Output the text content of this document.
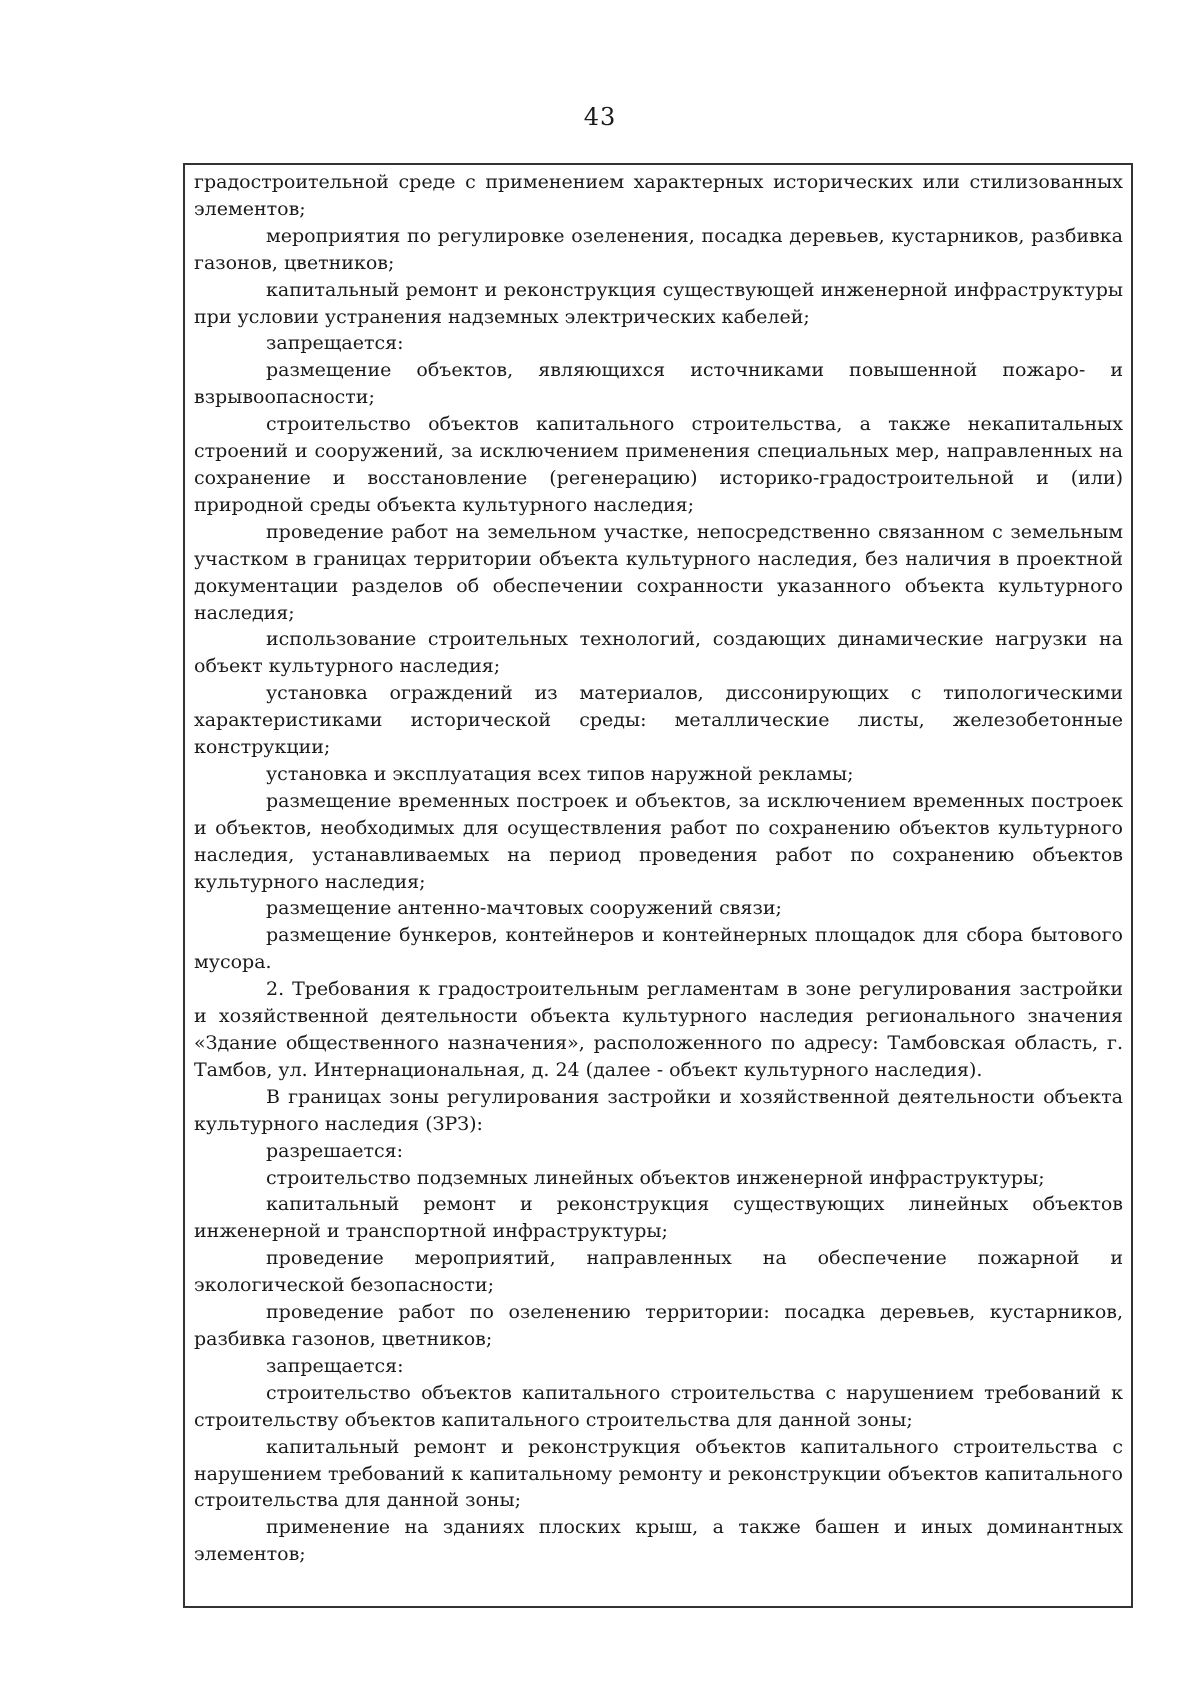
43

градостроительной среде с применением характерных исторических или стилизованных элементов;

мероприятия по регулировке озеленения, посадка деревьев, кустарников, разбивка газонов, цветников;

капитальный ремонт и реконструкция существующей инженерной инфраструктуры при условии устранения надземных электрических кабелей;

запрещается:

размещение объектов, являющихся источниками повышенной пожаро- и взрывоопасности;

строительство объектов капитального строительства, а также некапитальных строений и сооружений, за исключением применения специальных мер, направленных на сохранение и восстановление (регенерацию) историко-градостроительной и (или) природной среды объекта культурного наследия;

проведение работ на земельном участке, непосредственно связанном с земельным участком в границах территории объекта культурного наследия, без наличия в проектной документации разделов об обеспечении сохранности указанного объекта культурного наследия;

использование строительных технологий, создающих динамические нагрузки на объект культурного наследия;

установка ограждений из материалов, диссонирующих с типологическими характеристиками исторической среды: металлические листы, железобетонные конструкции;

установка и эксплуатация всех типов наружной рекламы;

размещение временных построек и объектов, за исключением временных построек и объектов, необходимых для осуществления работ по сохранению объектов культурного наследия, устанавливаемых на период проведения работ по сохранению объектов культурного наследия;

размещение антенно-мачтовых сооружений связи;

размещение бункеров, контейнеров и контейнерных площадок для сбора бытового мусора.

2. Требования к градостроительным регламентам в зоне регулирования застройки и хозяйственной деятельности объекта культурного наследия регионального значения «Здание общественного назначения», расположенного по адресу: Тамбовская область, г. Тамбов, ул. Интернациональная, д. 24 (далее - объект культурного наследия).

В границах зоны регулирования застройки и хозяйственной деятельности объекта культурного наследия (ЗРЗ):

разрешается:

строительство подземных линейных объектов инженерной инфраструктуры;

капитальный ремонт и реконструкция существующих линейных объектов инженерной и транспортной инфраструктуры;

проведение мероприятий, направленных на обеспечение пожарной и экологической безопасности;

проведение работ по озеленению территории: посадка деревьев, кустарников, разбивка газонов, цветников;

запрещается:

строительство объектов капитального строительства с нарушением требований к строительству объектов капитального строительства для данной зоны;

капитальный ремонт и реконструкция объектов капитального строительства с нарушением требований к капитальному ремонту и реконструкции объектов капитального строительства для данной зоны;

применение на зданиях плоских крыш, а также башен и иных доминантных элементов;
